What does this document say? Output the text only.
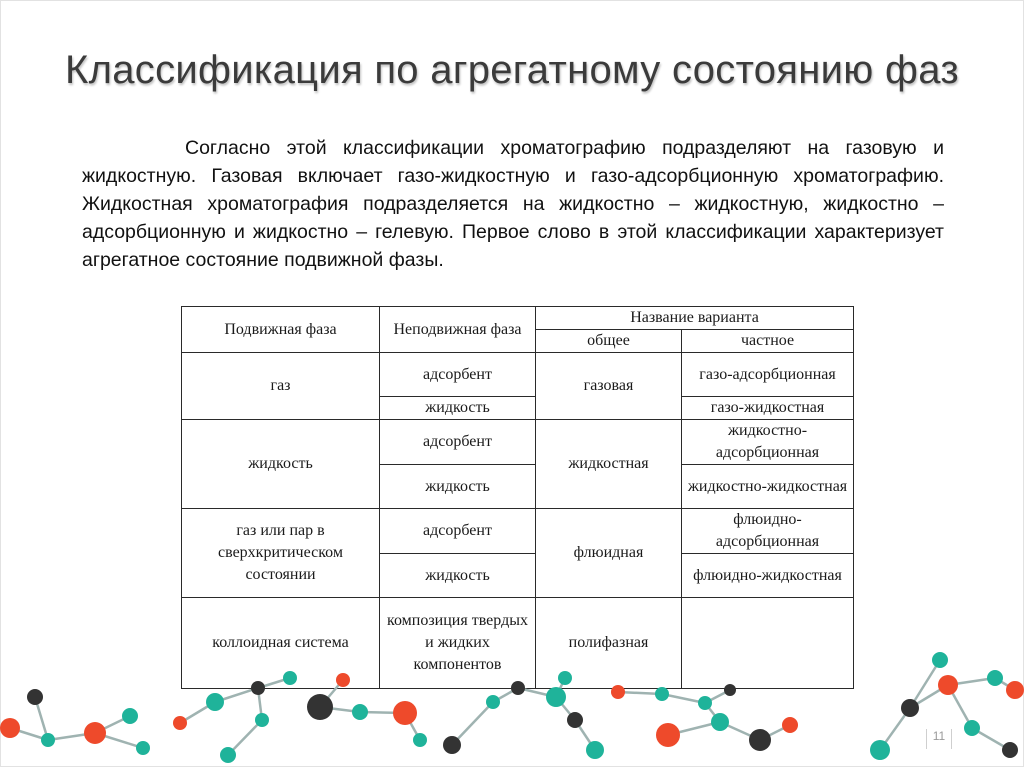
Классификация по агрегатному состоянию фаз

Согласно этой классификации хроматографию подразделяют на газовую и жидкостную. Газовая включает газо-жидкостную и газо-адсорбционную хроматографию. Жидкостная хроматография подразделяется на жидкостно – жидкостную, жидкостно – адсорбционную и жидкостно – гелевую. Первое слово в этой классификации характеризует агрегатное состояние подвижной фазы.

Подвижная фаза	Неподвижная фаза	Название варианта	
		общее	частное
газ	адсорбент	газовая	газо-адсорбционная
	жидкость		газо-жидкостная
жидкость	адсорбент	жидкостная	жидкостно-адсорбционная
	жидкость		жидкостно-жидкостная
газ или пар в сверхкритическом состоянии	адсорбент	флюидная	флюидно-адсорбционная
	жидкость		флюидно-жидкостная
коллоидная система	композиция твердых и жидких компонентов	полифазная	
11
